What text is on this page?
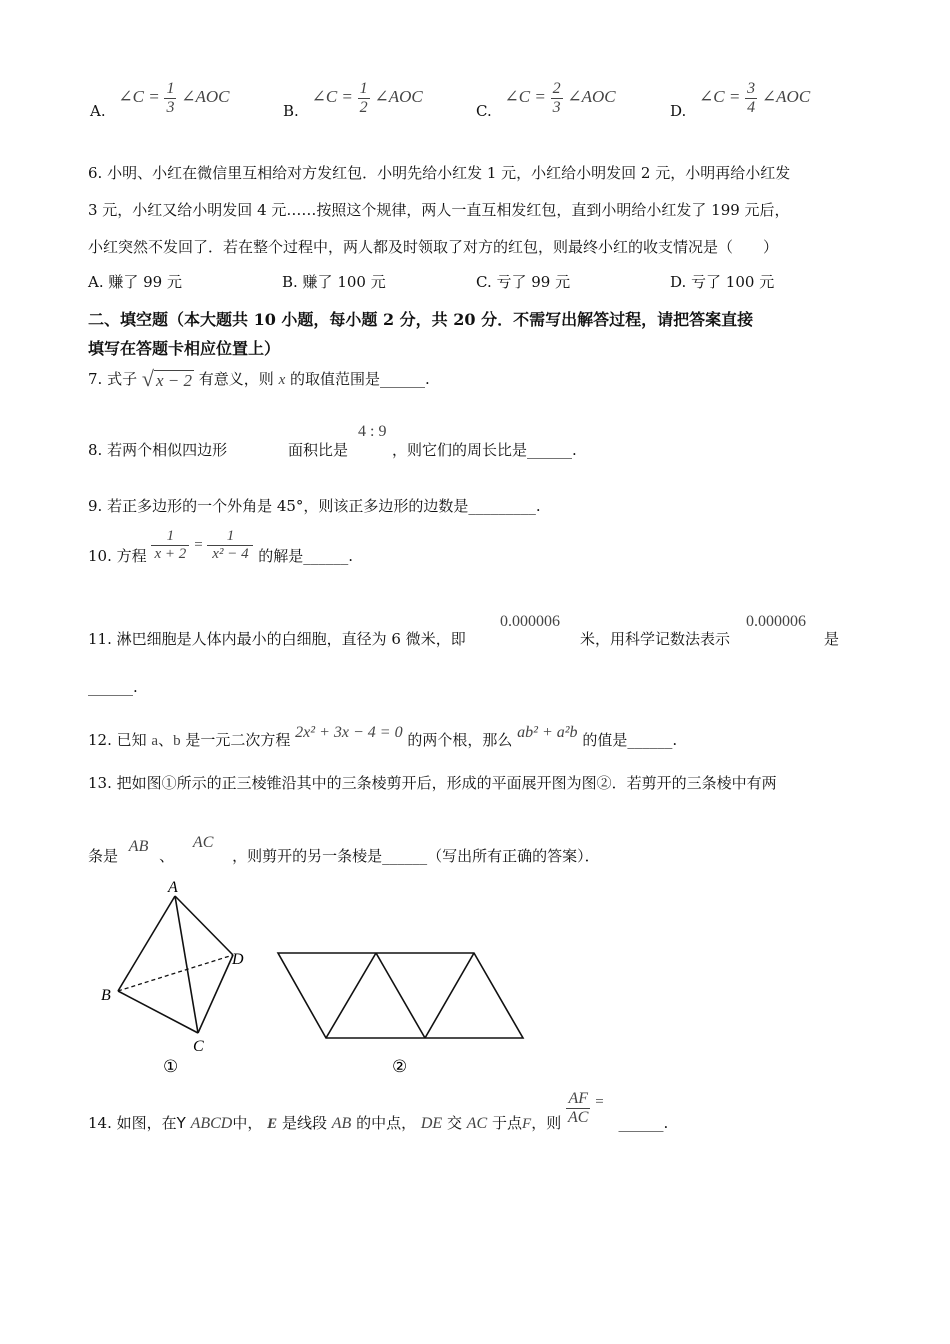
A. ∠C = $\frac{1}{3}$ ∠AOC
B. ∠C = $\frac{1}{2}$ ∠AOC
C. ∠C = $\frac{2}{3}$ ∠AOC
D. ∠C = $\frac{3}{4}$ ∠AOC
6. 小明、小红在微信里互相给对方发红包．小明先给小红发 1 元，小红给小明发回 2 元，小明再给小红发
3 元，小红又给小明发回 4 元……按照这个规律，两人一直互相发红包，直到小明给小红发了 199 元后，
小红突然不发回了．若在整个过程中，两人都及时领取了对方的红包，则最终小红的收支情况是（　　）
A. 赚了 99 元	B. 赚了 100 元	C. 亏了 99 元	D. 亏了 100 元
二、填空题（本大题共 10 小题，每小题 2 分，共 20 分．不需写出解答过程，请把答案直接
填写在答题卡相应位置上）
7. 式子 √ x − 2 有意义，则 x 的取值范围是______.
8. 若两个相似四边形	面积比是
4 : 9
，则它们的周长比是______.
9. 若正多边形的一个外角是 45°，则该正多边形的边数是_________.
10. 方程 $\frac{1}{x + 2} = \frac{1}{\text{x² − 4}}$ 的解是______.
11. 淋巴细胞是人体内最小的白细胞，直径为 6 微米，即
0.000006
米，用科学记数法表示
0.000006
是
______.
12. 已知 a、b 是一元二次方程 2x² + 3x − 4 = 0 的两个根，那么 ab² + a²b 的值是______.
13. 把如图①所示的正三棱锥沿其中的三条棱剪开后，形成的平面展开图为图②．若剪开的三条棱中有两
条是 AB 、 AC ，则剪开的另一条棱是______（写出所有正确的答案）．
A
B
C
D
①	②
14. 如图，在Y ABCD中， E 是线段 AB 的中点， DE 交 AC 于点F，则 $\frac{AF}{AC}$ = ______.
